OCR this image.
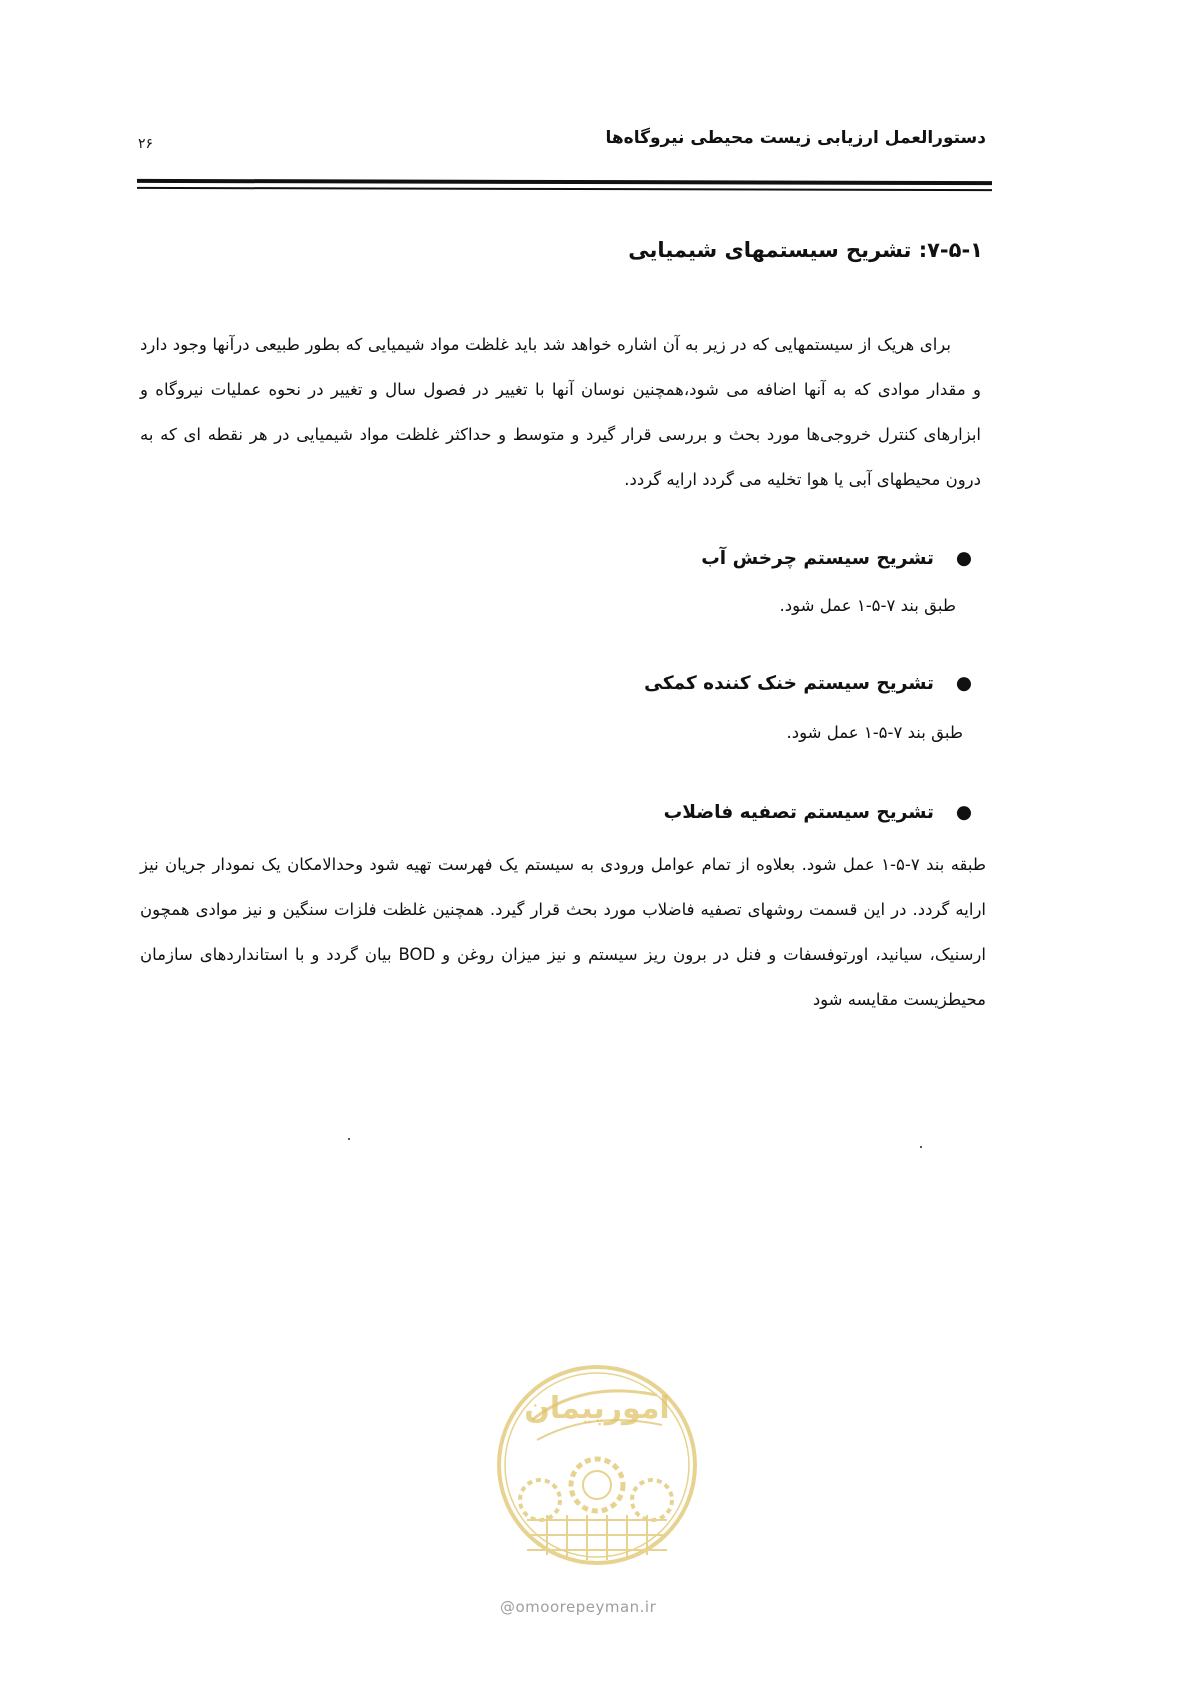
دستورالعمل ارزیابی زیست محیطی نیروگاه‌ها
۲۶
۷-۵-۱: تشریح سیستمهای شیمیایی
برای هریک از سیستمهایی که در زیر به آن اشاره خواهد شد باید غلظت مواد شیمیایی که بطور طبیعی درآنها وجود دارد و مقدار موادی که به آنها اضافه می شود،همچنین نوسان آنها با تغییر در فصول سال و تغییر در نحوه عملیات نیروگاه و ابزارهای کنترل خروجی‌ها مورد بحث و بررسی قرار گیرد و متوسط و حداکثر غلظت مواد شیمیایی در هر نقطه ای که به درون محیطهای آبی یا هوا تخلیه می گردد ارایه گردد.
●تشریح سیستم چرخش آب
طبق بند ۷-۵-۱ عمل شود.
●تشریح سیستم خنک کننده کمکی
طبق بند ۷-۵-۱ عمل شود.
●تشریح سیستم تصفیه فاضلاب
طبقه بند ۷-۵-۱ عمل شود. بعلاوه از تمام عوامل ورودی به سیستم یک فهرست تهیه شود وحدالامکان یک نمودار جریان نیز ارایه گردد. در این قسمت روشهای تصفیه فاضلاب مورد بحث قرار گیرد. همچنین غلظت فلزات سنگین و نیز موادی همچون ارسنیک، سیانید، اورتوفسفات و فنل در برون ریز سیستم و نیز میزان روغن و BOD بیان گردد و با استانداردهای سازمان محیطزیست مقایسه شود
امورپیمان
@omoorepeyman.ir
